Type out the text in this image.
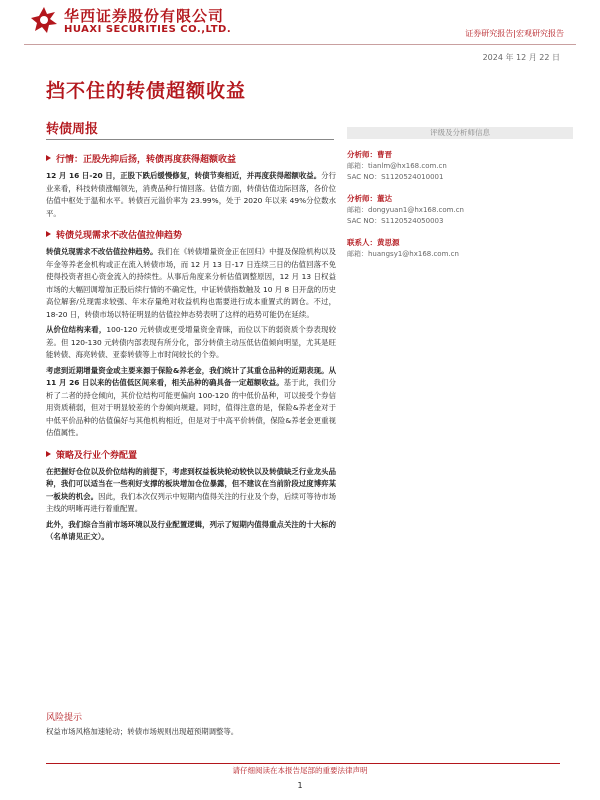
华西证券股份有限公司
HUAXI SECURITIES CO.,LTD.	证券研究报告|宏观研究报告
2024 年 12 月 22 日
挡不住的转债超额收益
转债周报
行情：正股先抑后扬，转债再度获得超额收益

12 月 16 日-20 日，正股下跌后缓慢修复，转债节奏相近，并再度获得超额收益。分行业来看，科技转债涨幅领先，消费品种行情回落。估值方面，转债估值边际回落，各价位估值中枢处于温和水平。转债百元溢价率为 23.99%，处于 2020 年以来 49%分位数水平。

转债兑现需求不改估值拉伸趋势

转债兑现需求不改估值拉伸趋势。我们在《转债增量资金正在回归》中提及保险机构以及年金等养老金机构或正在流入转债市场，而 12 月 13 日-17 日连续三日的估值回落不免使得投资者担心资金流入的持续性。从事后角度来分析估值调整原因，12 月 13 日权益市场的大幅回调增加正股后续行情的不确定性，中证转债指数触及 10 月 8 日开盘的历史高位解套/兑现需求较强、年末存量绝对收益机构也需要进行成本重置式的调仓。不过，18-20 日，转债市场以特征明显的估值拉伸态势表明了这样的趋势可能仍在延续。

从价位结构来看，100-120 元转债或更受增量资金青睐，而位以下的弱资质个券表现较差。但 120-130 元转债内部表现有所分化，部分转债主动压低估值倾向明显，尤其是旺能转债、海亮转债、亚泰转债等上市时间较长的个券。

考虑到近期增量资金或主要来源于保险&养老金，我们统计了其重仓品种的近期表现。从 11 月 26 日以来的估值低区间来看，相关品种的确具备一定超额收益。基于此，我们分析了二者的持仓倾向，其价位结构可能更偏向 100-120 的中低价品种，可以接受个券信用资质稍弱，但对于明显较差的个券倾向规避。同时，值得注意的是，保险&养老金对于中低平价品种的估值偏好与其他机构相近，但是对于中高平价转债，保险&养老金更重视估值属性。

策略及行业个券配置

在把握好仓位以及价位结构的前提下，考虑到权益板块轮动较快以及转债缺乏行业龙头品种，我们可以适当在一些利好支撑的板块增加仓位暴露，但不建议在当前阶段过度博弈某一板块的机会。因此，我们本次仅列示中短期内值得关注的行业及个券，后续可等待市场主线的明晰再进行着重配置。

此外，我们综合当前市场环境以及行业配置逻辑，列示了短期内值得重点关注的十大标的（名单请见正文）。

评级及分析师信息
分析师：曹晋
邮箱：tianlm@hx168.com.cn
SAC NO：S1120524010001
分析师：董达
邮箱：dongyuan1@hx168.com.cn
SAC NO：S1120524050003
联系人：黄思源
邮箱：huangsy1@hx168.com.cn
风险提示
权益市场风格加速轮动；转债市场规则出现超预期调整等。
请仔细阅读在本报告尾部的重要法律声明
1
